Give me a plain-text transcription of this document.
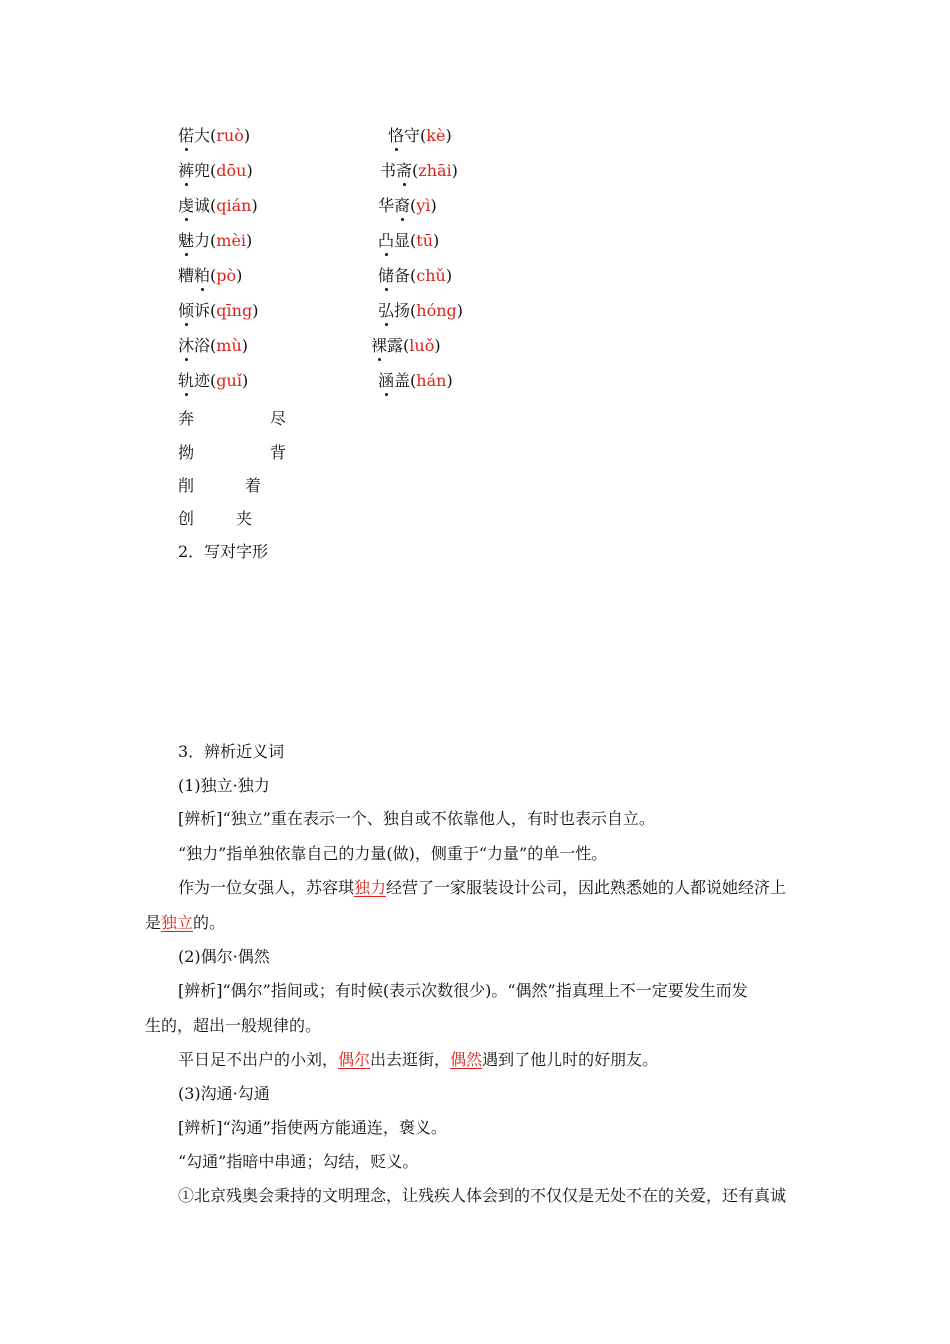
偌大(ruò)	恪守(kè)
裤兜(dōu)	书斋(zhāi)
虔诚(qián)	华裔(yì)
魅力(mèi)	凸显(tū)
糟粕(pò)	储备(chǔ)
倾诉(qīng)	弘扬(hóng)
沐浴(mù)	裸露(luǒ)
轨迹(guǐ)	涵盖(hán)
奔	尽
拗	背
削	着
创	夹
2．写对字形
3．辨析近义词
(1)独立·独力
[辨析]“独立”重在表示一个、独自或不依靠他人，有时也表示自立。
“独力”指单独依靠自己的力量(做)，侧重于“力量”的单一性。
作为一位女强人，苏容琪独力经营了一家服装设计公司，因此熟悉她的人都说她经济上
是独立的。
(2)偶尔·偶然
[辨析]“偶尔”指间或；有时候(表示次数很少)。“偶然”指真理上不一定要发生而发
生的，超出一般规律的。
平日足不出户的小刘，偶尔出去逛街，偶然遇到了他儿时的好朋友。
(3)沟通·勾通
[辨析]“沟通”指使两方能通连，褒义。
“勾通”指暗中串通；勾结，贬义。
①北京残奥会秉持的文明理念，让残疾人体会到的不仅仅是无处不在的关爱，还有真诚
